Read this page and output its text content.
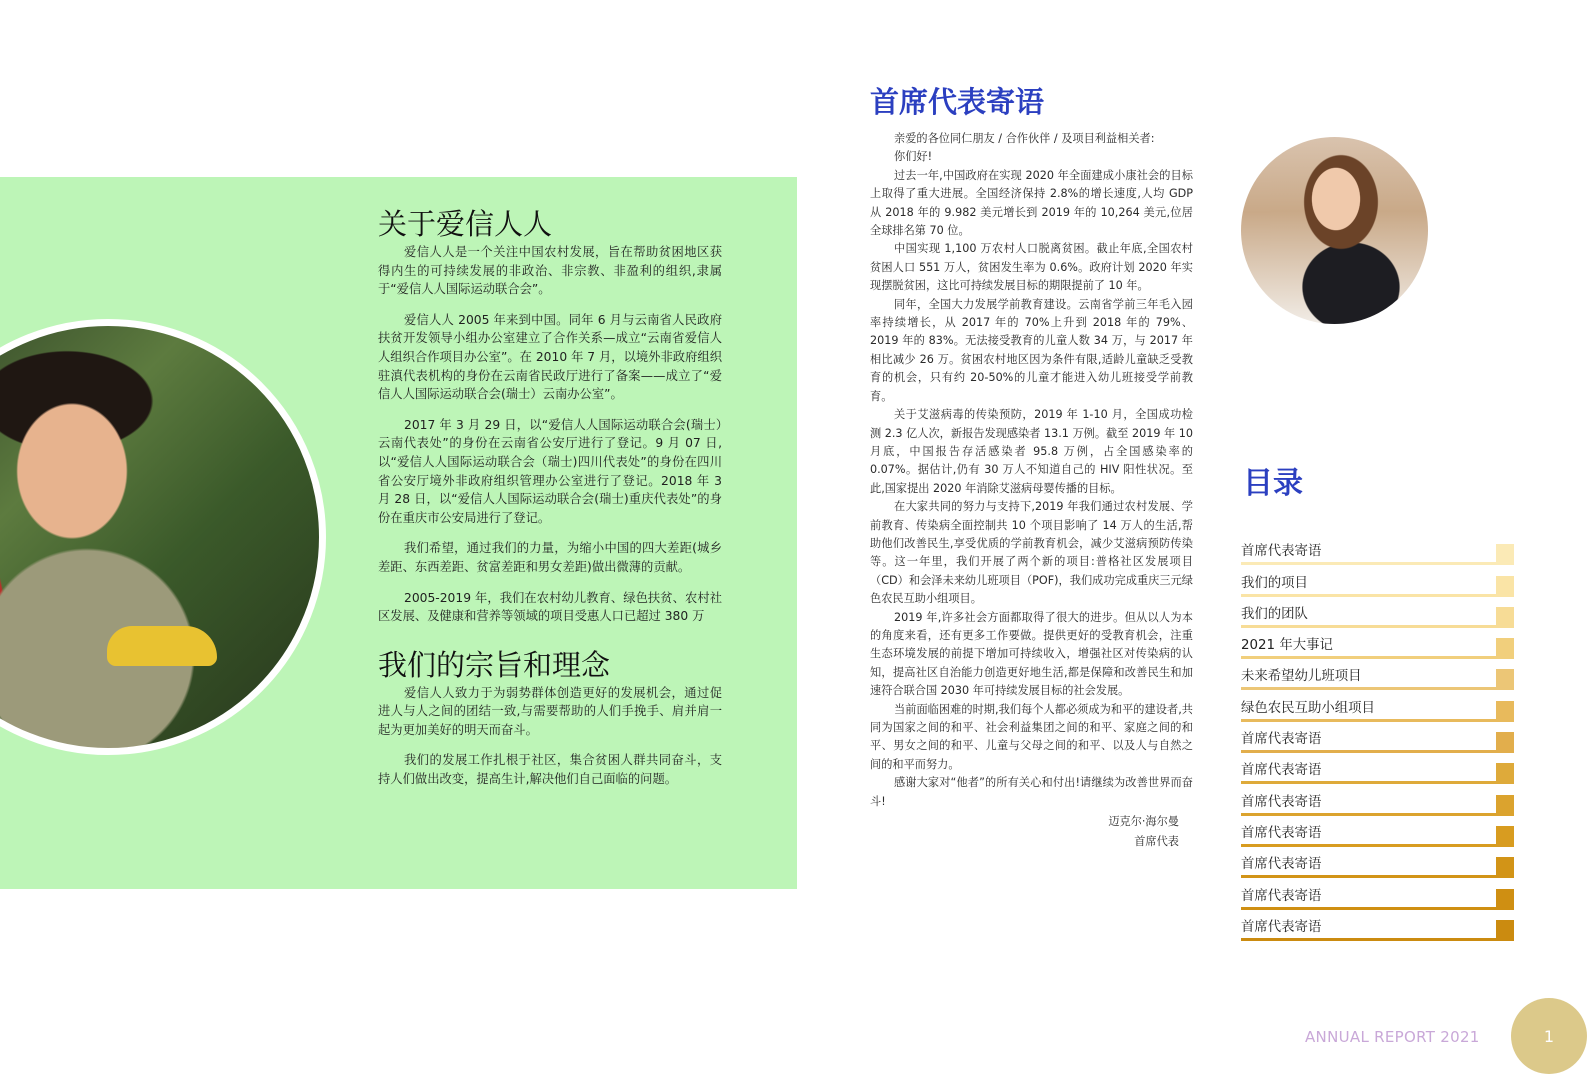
关于爱信人人

爱信人人是一个关注中国农村发展，旨在帮助贫困地区获得内生的可持续发展的非政治、非宗教、非盈利的组织,隶属于“爱信人人国际运动联合会”。

爱信人人 2005 年来到中国。同年 6 月与云南省人民政府扶贫开发领导小组办公室建立了合作关系—成立“云南省爱信人人组织合作项目办公室”。在 2010 年 7 月，以境外非政府组织驻滇代表机构的身份在云南省民政厅进行了备案——成立了“爱信人人国际运动联合会(瑞士）云南办公室”。

2017 年 3 月 29 日，以“爱信人人国际运动联合会(瑞士）云南代表处”的身份在云南省公安厅进行了登记。9 月 07 日,以“爱信人人国际运动联合会（瑞士)四川代表处”的身份在四川省公安厅境外非政府组织管理办公室进行了登记。2018 年 3 月 28 日，以“爱信人人国际运动联合会(瑞士)重庆代表处”的身份在重庆市公安局进行了登记。

我们希望，通过我们的力量，为缩小中国的四大差距(城乡差距、东西差距、贫富差距和男女差距)做出微薄的贡献。

2005-2019 年，我们在农村幼儿教育、绿色扶贫、农村社区发展、及健康和营养等领域的项目受惠人口已超过 380 万

我们的宗旨和理念

爱信人人致力于为弱势群体创造更好的发展机会，通过促进人与人之间的团结一致,与需要帮助的人们手挽手、肩并肩一起为更加美好的明天而奋斗。

我们的发展工作扎根于社区，集合贫困人群共同奋斗，支持人们做出改变，提高生计,解决他们自己面临的问题。

首席代表寄语

亲爱的各位同仁朋友 / 合作伙伴 / 及项目利益相关者:

你们好!

过去一年,中国政府在实现 2020 年全面建成小康社会的目标上取得了重大进展。全国经济保持 2.8%的增长速度,人均 GDP 从 2018 年的 9.982 美元增长到 2019 年的 10,264 美元,位居全球排名第 70 位。

中国实现 1,100 万农村人口脱离贫困。截止年底,全国农村贫困人口 551 万人，贫困发生率为 0.6%。政府计划 2020 年实现摆脱贫困，这比可持续发展目标的期限提前了 10 年。

同年，全国大力发展学前教育建设。云南省学前三年毛入园率持续增长，从 2017 年的 70%上升到 2018 年的 79%、2019 年的 83%。无法接受教育的儿童人数 34 万，与 2017 年相比减少 26 万。贫困农村地区因为条件有限,适龄儿童缺乏受教育的机会，只有约 20-50%的儿童才能进入幼儿班接受学前教育。

关于艾滋病毒的传染预防，2019 年 1-10 月，全国成功检测 2.3 亿人次，新报告发现感染者 13.1 万例。截至 2019 年 10 月底，中国报告存活感染者 95.8 万例，占全国感染率的 0.07%。据估计,仍有 30 万人不知道自己的 HIV 阳性状况。至此,国家提出 2020 年消除艾滋病母婴传播的目标。

在大家共同的努力与支持下,2019 年我们通过农村发展、学前教育、传染病全面控制共 10 个项目影响了 14 万人的生活,帮助他们改善民生,享受优质的学前教育机会，减少艾滋病预防传染等。这一年里，我们开展了两个新的项目:普格社区发展项目（CD）和会泽未来幼儿班项目（POF)，我们成功完成重庆三元绿色农民互助小组项目。

2019 年,许多社会方面都取得了很大的进步。但从以人为本的角度来看，还有更多工作要做。提供更好的受教育机会，注重生态环境发展的前提下增加可持续收入，增强社区对传染病的认知，提高社区自治能力创造更好地生活,都是保障和改善民生和加速符合联合国 2030 年可持续发展目标的社会发展。

当前面临困难的时期,我们每个人都必须成为和平的建设者,共同为国家之间的和平、社会利益集团之间的和平、家庭之间的和平、男女之间的和平、儿童与父母之间的和平、以及人与自然之间的和平而努力。

感谢大家对“他者”的所有关心和付出!请继续为改善世界而奋斗!

迈克尔·海尔曼
首席代表
目录
首席代表寄语
我们的项目
我们的团队
2021 年大事记
未来希望幼儿班项目
绿色农民互助小组项目
首席代表寄语
首席代表寄语
首席代表寄语
首席代表寄语
首席代表寄语
首席代表寄语
首席代表寄语
ANNUAL REPORT 2021	1
